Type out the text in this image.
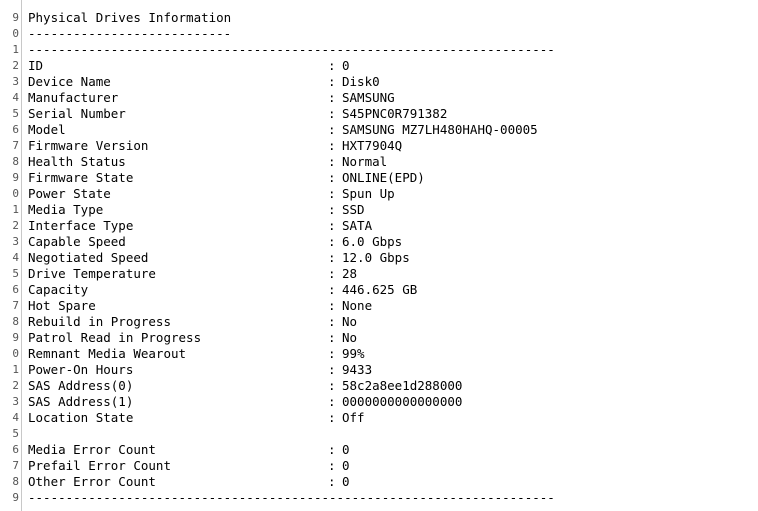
9
0
1
2
3
4
5
6
7
8
9
0
1
2
3
4
5
6
7
8
9
0
1
2
3
4
5
6
7
8
9
Physical Drives Information
---------------------------
----------------------------------------------------------------------
ID	: 0
Device Name	: Disk0
Manufacturer	: SAMSUNG
Serial Number	: S45PNC0R791382
Model	: SAMSUNG MZ7LH480HAHQ-00005
Firmware Version	: HXT7904Q
Health Status	: Normal
Firmware State	: ONLINE(EPD)
Power State	: Spun Up
Media Type	: SSD
Interface Type	: SATA
Capable Speed	: 6.0 Gbps
Negotiated Speed	: 12.0 Gbps
Drive Temperature	: 28
Capacity	: 446.625 GB
Hot Spare	: None
Rebuild in Progress	: No
Patrol Read in Progress	: No
Remnant Media Wearout	: 99%
Power-On Hours	: 9433
SAS Address(0)	: 58c2a8ee1d288000
SAS Address(1)	: 0000000000000000
Location State	: Off
Media Error Count	: 0
Prefail Error Count	: 0
Other Error Count	: 0
----------------------------------------------------------------------
